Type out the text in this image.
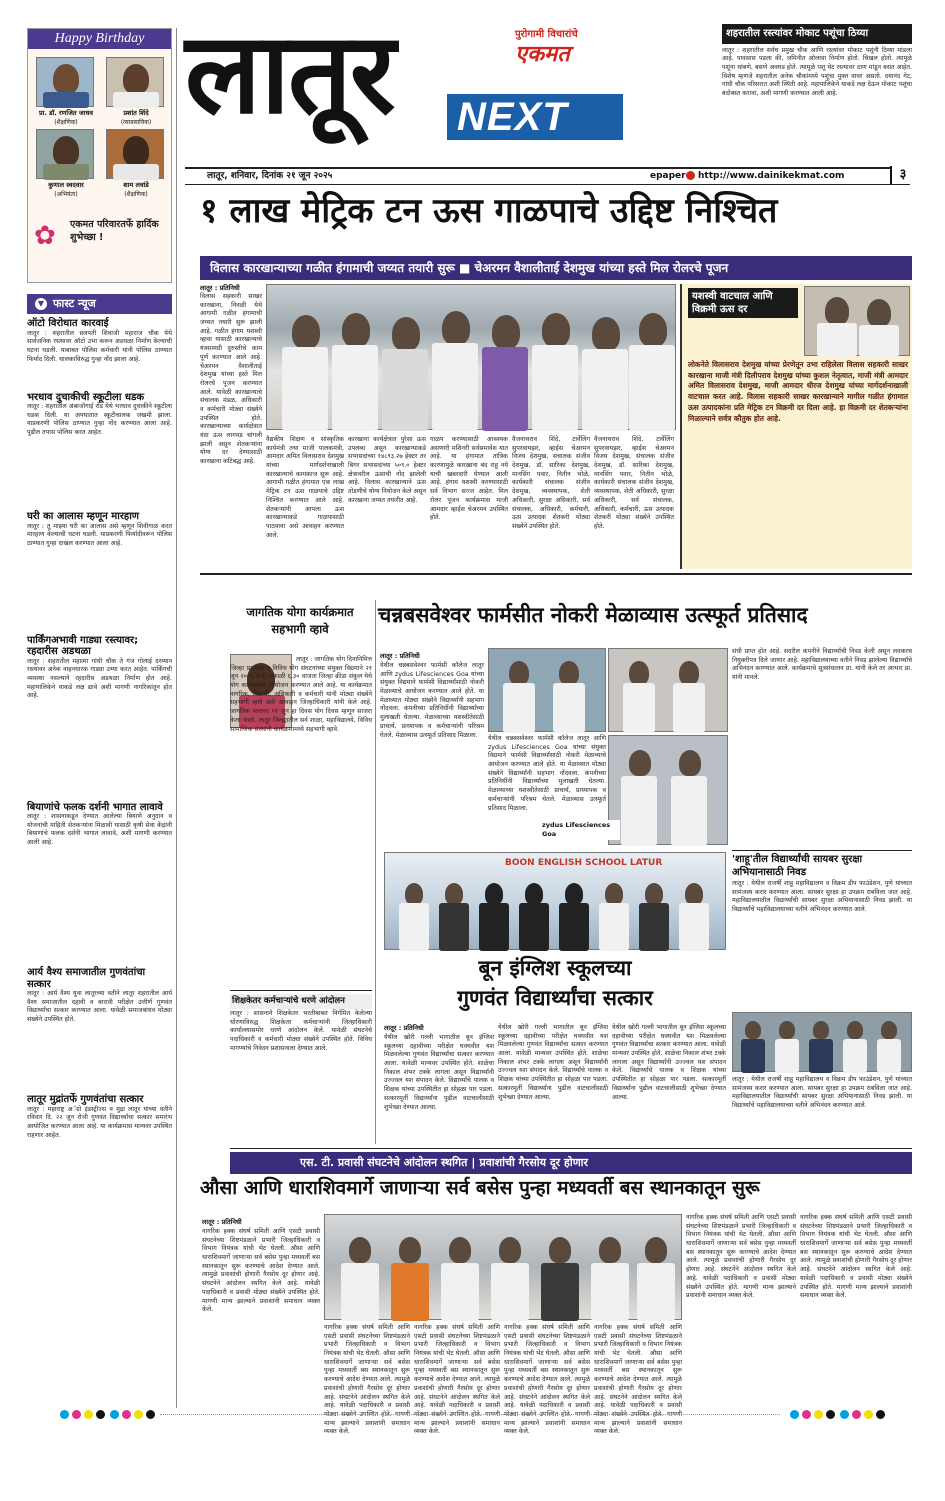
Happy Birthday
प्रा. डॉ. रणजित जाधव
(शैक्षणिक)
प्रशांत शिंदे
(व्यावसायिक)
कुणाल स्वदवार
(अभियंता)
शाम लवांडे
(शैक्षणिक)
✿ एकमत परिवारतर्फे हार्दिक शुभेच्छा !
▼ फास्ट न्यूज
ऑटो विरोधात कारवाई
लातूर : शहरातील छत्रपती शिवाजी महाराज चौक येथे सार्वजनिक रस्त्यावर ऑटो उभा करून अडथळा निर्माण केल्याची घटना घडली. याबाबत पोलिस कर्मचारी यांनी पोलिस ठाण्यात फिर्याद दिली. चालकाविरुद्ध गुन्हा नोंद झाला आहे.
भरधाव दुचाकीची स्कूटीला धडक
लातूर : शहरातील अंबाजोगाई रोड येथे भरधाव दुचाकीने स्कूटीला धडक दिली. या अपघातात स्कूटीचालक जखमी झाला. याप्रकरणी पोलिस ठाण्यात गुन्हा नोंद करण्यात आला आहे. पुढील तपास पोलिस करत आहेत.
घरी का आलास म्हणून मारहाण
लातूर : तू माझ्या घरी का आलास असे म्हणून शिवीगाळ करत मारहाण केल्याची घटना घडली. याप्रकरणी फिर्यादीवरून पोलिस ठाण्यात गुन्हा दाखल करण्यात आला आहे.
पार्किंगअभावी गाड्या रस्त्यावर; रहदारीस अडथळा
लातूर : शहरातील महात्मा गांधी चौक ते गंज गोलाई दरम्यान रस्त्यावर अनेक वाहनधारक गाड्या उभ्या करत आहेत. पार्किंगची व्यवस्था नसल्याने रहदारीस अडथळा निर्माण होत आहे. महापालिकेने याकडे लक्ष द्यावे अशी मागणी नागरिकांतून होत आहे.
बियाणांचे फलक दर्शनी भागात लावावे
लातूर : शासनाकडून देण्यात आलेल्या बियाणे अनुदान व योजनांची माहिती शेतकऱ्यांना मिळावी यासाठी कृषी सेवा केंद्रांनी बियाणांचे फलक दर्शनी भागात लावावे, अशी मागणी करण्यात आली आहे.
आर्य वैश्य समाजातील गुणवंतांचा सत्कार
लातूर : आर्य वैश्य युवा लातूरच्या वतीने लातूर शहरातील आर्य वैश्य समाजातील दहावी व बारावी परीक्षेत उत्तीर्ण गुणवंत विद्यार्थ्यांचा सत्कार करण्यात आला. यावेळी समाजबांधव मोठ्या संख्येने उपस्थित होते.
लातूर मुद्रांतर्फे गुणवंतांचा सत्कार
लातूर : महाराष्ट्र अॅग्रो इंडस्ट्रीज्स व मुद्रा लातूर यांच्या वतीने रविवार दि. २२ जून रोजी गुणवंत विद्यार्थ्यांचा सत्कार समारंभ आयोजित करण्यात आला आहे. या कार्यक्रमास मान्यवर उपस्थित राहणार आहेत.
लातूर	पुरोगामी विचारांचे
एकमत
NEXT
लातूर, शनिवार, दिनांक २१ जून २०२५	epaper http://www.dainikekmat.com	३
शहरातील रस्त्यांवर मोकाट पशूंचा ठिय्या
लातूर : शहरातील सर्वच प्रमुख चौक आणि रस्त्यांवर मोकाट पशूंनी ठिय्या मांडला आहे. पावसास पडला की, जमिनीत ओलावा निर्माण होतो. चिखल होतो. त्यामुळे पशूंना थांबणे, बसणे अवघड होते. त्यामुळे पशू थेट रस्त्यावर ठाण मांडून बसत आहेत. विशेष म्हणजे शहरातील अनेक चौकांमध्ये पशूंचा मुक्त वावर असतो. दयानंद गेट, गांधी चौक परिसरात अशी स्थिती आहे. महापालिकेने याकडे लक्ष देऊन मोकाट पशूंचा बंदोबस्त करावा, अशी मागणी करण्यात आली आहे.
१ लाख मेट्रिक टन ऊस गाळपाचे उद्दिष्ट निश्चित
विलास कारखान्याच्या गळीत हंगामाची जय्यत तयारी सुरू ■ चेअरमन वैशालीताई देशमुख यांच्या हस्ते मिल रोलरचे पूजन
लातूर : प्रतिनिधी
विलास सहकारी साखर कारखाना, निवळी येथे आगामी गळीत हंगामाची जय्यत तयारी सुरू झाली आहे. गळीत हंगाम यशस्वी व्हावा यासाठी कारखान्याचे यंत्रसामग्री दुरुस्तीचे काम पूर्ण करण्यात आले आहे. चेअरमन वैशालीताई देशमुख यांच्या हस्ते मिल रोलरचे पूजन करण्यात आले. यावेळी कारखान्याचे संचालक मंडळ, अधिकारी व कर्मचारी मोठ्या संख्येने उपस्थित होते. कारखान्याच्या कार्यक्षेत्रात यंदा ऊस लागवड चांगली झाली असून शेतकऱ्यांना योग्य दर देण्यासाठी कारखाना कटिबद्ध आहे.
वैद्यकीय शिक्षण व सांस्कृतिक कार्यमंत्री तथा माजी पालकमंत्री, आमदार अमित विलासराव देशमुख यांच्या मार्गदर्शनाखाली कारखान्याचे कामकाज सुरू आहे. आगामी गळीत हंगामात एक लाख मेट्रिक टन ऊस गाळपाचे उद्दिष्ट निश्चित करण्यात आले आहे. शेतकऱ्यांनी आपला ऊस कारखान्याकडे गाळपासाठी पाठवावा असे आवाहन करण्यात आले.
कारखाना कार्यक्षेत्रात पुरेसा ऊस उपलब्ध असून कारखान्याकडे सभासदांच्या १४८९३.२७ हेक्टर तर बिगर सभासदांच्या ५०९.० हेक्टर क्षेत्रावरील ऊसाची नोंद झालेली आहे. विलास कारखान्याने ऊस तोडणीचे योग्य नियोजन केले असून कारखाना जय्यत तयारीत आहे.
गाळप करण्यासाठी आवश्यक असणारी मशिनरी सर्वसमावेश यात आहे. या हंगामात तांत्रिक कारणामुळे कारखाना बंद राहू नये याची खबरदारी घेण्यात आली आहे. हंगाम यशस्वी करण्यासाठी सर्व विभाग सज्ज आहेत. मिल रोलर पूजन कार्यक्रमास माजी आमदार व्हाईस चेअरमन उपस्थित होते.
वैजनाथराव शिंदे, टार्वेलिंग सुपरवायझर, व्हाईस चेअरमन विजय देशमुख, संचालक संजीव देशमुख, डॉ. सारिका देशमुख, मानसिंग पवार, नितीन भोळे, कार्यकारी संचालक संजीव देशमुख, व्यवस्थापक, शेती अधिकारी, सुरक्षा अधिकारी, सर्व संचालक, अधिकारी, कर्मचारी, ऊस उत्पादक शेतकरी मोठ्या संख्येने उपस्थित होते.
वैजनाथराव शिंदे, टार्वेलिंग सुपरवायझर, व्हाईस चेअरमन विजय देशमुख, संचालक संजीव देशमुख, डॉ. सारिका देशमुख, मानसिंग पवार, नितीन भोळे, कार्यकारी संचालक संजीव देशमुख, व्यवस्थापक, शेती अधिकारी, सुरक्षा अधिकारी, सर्व संचालक, अधिकारी, कर्मचारी, ऊस उत्पादक शेतकरी मोठ्या संख्येने उपस्थित होते.
यशस्वी वाटचाल आणि विक्रमी ऊस दर
लोकनेते विलासराव देशमुख यांच्या प्रेरणेतून उभा राहिलेला विलास सहकारी साखर कारखाना माजी मंत्री दिलीपराव देशमुख यांच्या कुशल नेतृत्वात, माजी मंत्री आमदार अमित विलासराव देशमुख, माजी आमदार धीरज देशमुख यांच्या मार्गदर्शनाखाली वाटचाल करत आहे. विलास सहकारी साखर कारखान्याने मागील गळीत हंगामात ऊस उत्पादकांना प्रति मेट्रिक टन विक्रमी दर दिला आहे. हा विक्रमी दर शेतकऱ्यांना मिळाल्याने सर्वत्र कौतुक होत आहे.
जागतिक योगा कार्यक्रमात सहभागी व्हावे
लातूर : जागतिक योग दिनानिमित्त जिल्हा प्रशासन व विविध योग संघटनांच्या संयुक्त विद्यमाने २१ जून २०२५ रोजी सकाळी ६.३० वाजता जिल्हा क्रीडा संकुल येथे योग कार्यक्रमाचे आयोजन करण्यात आले आहे. या कार्यक्रमात नागरिक, विद्यार्थी, अधिकारी व कर्मचारी यांनी मोठ्या संख्येने सहभागी व्हावे असे आवाहन जिल्हाधिकारी यांनी केले आहे. जागतिक स्तरावर २१ जून हा दिवस योग दिवस म्हणून साजरा केला जातो. लातूर जिल्ह्यातील सर्व शाळा, महाविद्यालये, विविध सामाजिक संस्थांनी कार्यक्रमामध्ये सहभागी व्हावे.
शिक्षकेतर कर्मचाऱ्यांचे धरणे आंदोलन
लातूर : शासनाने शिक्षकेतर भरतीबाबत निर्गमित केलेल्या धोरणाविरुद्ध शिक्षकेतर कर्मचाऱ्यांनी जिल्हाधिकारी कार्यालयासमोर धरणे आंदोलन केले. यावेळी संघटनेचे पदाधिकारी व कर्मचारी मोठ्या संख्येने उपस्थित होते. विविध मागण्यांचे निवेदन प्रशासनाला देण्यात आले.
चन्नबसवेश्वर फार्मसीत नोकरी मेळाव्यास उत्स्फूर्त प्रतिसाद
लातूर : प्रतिनिधी
येथील चन्नबसवेश्वर फार्मसी कॉलेज लातूर आणि zydus Lifesciences Goa यांच्या संयुक्त विद्यमाने फार्मसी विद्यार्थ्यांसाठी नोकरी मेळाव्याचे आयोजन करण्यात आले होते. या मेळाव्यात मोठ्या संख्येने विद्यार्थ्यांनी सहभाग नोंदवला. कंपनीच्या प्रतिनिधींनी विद्यार्थ्यांच्या मुलाखती घेतल्या. मेळाव्याच्या यशस्वीतेसाठी प्राचार्य, प्राध्यापक व कर्मचाऱ्यांनी परिश्रम घेतले. मेळाव्यास उत्स्फूर्त प्रतिसाद मिळाला.	येथील चन्नबसवेश्वर फार्मसी कॉलेज लातूर आणि zydus Lifesciences Goa यांच्या संयुक्त विद्यमाने फार्मसी विद्यार्थ्यांसाठी नोकरी मेळाव्याचे आयोजन करण्यात आले होते. या मेळाव्यात मोठ्या संख्येने विद्यार्थ्यांनी सहभाग नोंदवला. कंपनीच्या प्रतिनिधींनी विद्यार्थ्यांच्या मुलाखती घेतल्या. मेळाव्याच्या यशस्वीतेसाठी प्राचार्य, प्राध्यापक व कर्मचाऱ्यांनी परिश्रम घेतले. मेळाव्यास उत्स्फूर्त प्रतिसाद मिळाला.
zydus Lifesciences Goa
संधी प्राप्त होत आहे. सदरील कंपनीने विद्यार्थ्यांची निवड केली असून लवकरच नियुक्तीपत्र दिले जाणार आहे. महाविद्यालयाच्या वतीने निवड झालेल्या विद्यार्थ्यांचे अभिनंदन करण्यात आले. कार्यक्रमाचे सूत्रसंचालन प्रा. यांनी केले तर आभार प्रा. यांनी मानले.
'शाहू'तील विद्यार्थ्यांची सायबर सुरक्षा अभियानासाठी निवड
लातूर : येथील राजर्षी शाहू महाविद्यालय व विक्रम डीप फाउंडेशन, पुणे यांच्यात सामंजस्य करार करण्यात आला. सायबर सुरक्षा हा उपक्रम राबविला जात आहे. महाविद्यालयातील विद्यार्थ्यांची सायबर सुरक्षा अभियानासाठी निवड झाली. या विद्यार्थ्यांचे महाविद्यालयाच्या वतीने अभिनंदन करण्यात आले.
लातूर : येथील राजर्षी शाहू महाविद्यालय व विक्रम डीप फाउंडेशन, पुणे यांच्यात सामंजस्य करार करण्यात आला. सायबर सुरक्षा हा उपक्रम राबविला जात आहे. महाविद्यालयातील विद्यार्थ्यांची सायबर सुरक्षा अभियानासाठी निवड झाली. या विद्यार्थ्यांचे महाविद्यालयाच्या वतीने अभिनंदन करण्यात आले.
BOON ENGLISH SCHOOL LATUR
बून इंग्लिश स्कूलच्या
गुणवंत विद्यार्थ्यांचा सत्कार
लातूर : प्रतिनिधी
येथील खोरी गल्ली भागातील बून इंग्लिश स्कूलच्या दहावीच्या परीक्षेत घवघवीत यश मिळवलेल्या गुणवंत विद्यार्थ्यांचा सत्कार करण्यात आला. यावेळी मान्यवर उपस्थित होते. शाळेचा निकाल शंभर टक्के लागला असून विद्यार्थ्यांनी उज्ज्वल यश संपादन केले. विद्यार्थ्यांचे पालक व शिक्षक यांच्या उपस्थितीत हा सोहळा पार पडला. सत्कारमूर्ती विद्यार्थ्यांना पुढील वाटचालीसाठी शुभेच्छा देण्यात आल्या.
येथील खोरी गल्ली भागातील बून इंग्लिश स्कूलच्या दहावीच्या परीक्षेत घवघवीत यश मिळवलेल्या गुणवंत विद्यार्थ्यांचा सत्कार करण्यात आला. यावेळी मान्यवर उपस्थित होते. शाळेचा निकाल शंभर टक्के लागला असून विद्यार्थ्यांनी उज्ज्वल यश संपादन केले. विद्यार्थ्यांचे पालक व शिक्षक यांच्या उपस्थितीत हा सोहळा पार पडला. सत्कारमूर्ती विद्यार्थ्यांना पुढील वाटचालीसाठी शुभेच्छा देण्यात आल्या.
येथील खोरी गल्ली भागातील बून इंग्लिश स्कूलच्या दहावीच्या परीक्षेत घवघवीत यश मिळवलेल्या गुणवंत विद्यार्थ्यांचा सत्कार करण्यात आला. यावेळी मान्यवर उपस्थित होते. शाळेचा निकाल शंभर टक्के लागला असून विद्यार्थ्यांनी उज्ज्वल यश संपादन केले. विद्यार्थ्यांचे पालक व शिक्षक यांच्या उपस्थितीत हा सोहळा पार पडला. सत्कारमूर्ती विद्यार्थ्यांना पुढील वाटचालीसाठी शुभेच्छा देण्यात आल्या.
एस. टी. प्रवासी संघटनेचे आंदोलन स्थगित | प्रवाशांची गैरसोय दूर होणार
औसा आणि धाराशिवमार्गे जाणाऱ्या सर्व बसेस पुन्हा मध्यवर्ती बस स्थानकातून सुरू
लातूर : प्रतिनिधी
नागरिक हक्क संघर्ष समिती आणि एसटी प्रवासी संघटनेच्या शिष्टमंडळाने प्रभारी जिल्हाधिकारी व विभाग नियंत्रक यांची भेट घेतली. औसा आणि धाराशिवमार्गे जाणाऱ्या सर्व बसेस पुन्हा मध्यवर्ती बस स्थानकातून सुरू करण्याचे आदेश देण्यात आले. त्यामुळे प्रवाशांची होणारी गैरसोय दूर होणार आहे. संघटनेने आंदोलन स्थगित केले आहे. यावेळी पदाधिकारी व प्रवासी मोठ्या संख्येने उपस्थित होते. मागणी मान्य झाल्याने प्रवाशांनी समाधान व्यक्त केले.
नागरिक हक्क संघर्ष समिती आणि एसटी प्रवासी संघटनेच्या शिष्टमंडळाने प्रभारी जिल्हाधिकारी व विभाग नियंत्रक यांची भेट घेतली. औसा आणि धाराशिवमार्गे जाणाऱ्या सर्व बसेस पुन्हा मध्यवर्ती बस स्थानकातून सुरू करण्याचे आदेश देण्यात आले. त्यामुळे प्रवाशांची होणारी गैरसोय दूर होणार आहे. संघटनेने आंदोलन स्थगित केले आहे. यावेळी पदाधिकारी व प्रवासी मोठ्या संख्येने उपस्थित होते. मागणी मान्य झाल्याने प्रवाशांनी समाधान व्यक्त केले.
नागरिक हक्क संघर्ष समिती आणि एसटी प्रवासी संघटनेच्या शिष्टमंडळाने प्रभारी जिल्हाधिकारी व विभाग नियंत्रक यांची भेट घेतली. औसा आणि धाराशिवमार्गे जाणाऱ्या सर्व बसेस पुन्हा मध्यवर्ती बस स्थानकातून सुरू करण्याचे आदेश देण्यात आले. त्यामुळे प्रवाशांची होणारी गैरसोय दूर होणार आहे. संघटनेने आंदोलन स्थगित केले आहे. यावेळी पदाधिकारी व प्रवासी मोठ्या संख्येने उपस्थित होते. मागणी मान्य झाल्याने प्रवाशांनी समाधान व्यक्त केले.
नागरिक हक्क संघर्ष समिती आणि एसटी प्रवासी संघटनेच्या शिष्टमंडळाने प्रभारी जिल्हाधिकारी व विभाग नियंत्रक यांची भेट घेतली. औसा आणि धाराशिवमार्गे जाणाऱ्या सर्व बसेस पुन्हा मध्यवर्ती बस स्थानकातून सुरू करण्याचे आदेश देण्यात आले. त्यामुळे प्रवाशांची होणारी गैरसोय दूर होणार आहे. संघटनेने आंदोलन स्थगित केले आहे. यावेळी पदाधिकारी व प्रवासी मोठ्या संख्येने उपस्थित होते. मागणी मान्य झाल्याने प्रवाशांनी समाधान व्यक्त केले.
नागरिक हक्क संघर्ष समिती आणि एसटी प्रवासी संघटनेच्या शिष्टमंडळाने प्रभारी जिल्हाधिकारी व विभाग नियंत्रक यांची भेट घेतली. औसा आणि धाराशिवमार्गे जाणाऱ्या सर्व बसेस पुन्हा मध्यवर्ती बस स्थानकातून सुरू करण्याचे आदेश देण्यात आले. त्यामुळे प्रवाशांची होणारी गैरसोय दूर होणार आहे. संघटनेने आंदोलन स्थगित केले आहे. यावेळी पदाधिकारी व प्रवासी मोठ्या संख्येने उपस्थित होते. मागणी मान्य झाल्याने प्रवाशांनी समाधान व्यक्त केले.
नागरिक हक्क संघर्ष समिती आणि एसटी प्रवासी संघटनेच्या शिष्टमंडळाने प्रभारी जिल्हाधिकारी व विभाग नियंत्रक यांची भेट घेतली. औसा आणि धाराशिवमार्गे जाणाऱ्या सर्व बसेस पुन्हा मध्यवर्ती बस स्थानकातून सुरू करण्याचे आदेश देण्यात आले. त्यामुळे प्रवाशांची होणारी गैरसोय दूर होणार आहे. संघटनेने आंदोलन स्थगित केले आहे. यावेळी पदाधिकारी व प्रवासी मोठ्या संख्येने उपस्थित होते. मागणी मान्य झाल्याने प्रवाशांनी समाधान व्यक्त केले.
नागरिक हक्क संघर्ष समिती आणि एसटी प्रवासी संघटनेच्या शिष्टमंडळाने प्रभारी जिल्हाधिकारी व विभाग नियंत्रक यांची भेट घेतली. औसा आणि धाराशिवमार्गे जाणाऱ्या सर्व बसेस पुन्हा मध्यवर्ती बस स्थानकातून सुरू करण्याचे आदेश देण्यात आले. त्यामुळे प्रवाशांची होणारी गैरसोय दूर होणार आहे. संघटनेने आंदोलन स्थगित केले आहे. यावेळी पदाधिकारी व प्रवासी मोठ्या संख्येने उपस्थित होते. मागणी मान्य झाल्याने प्रवाशांनी समाधान व्यक्त केले.
